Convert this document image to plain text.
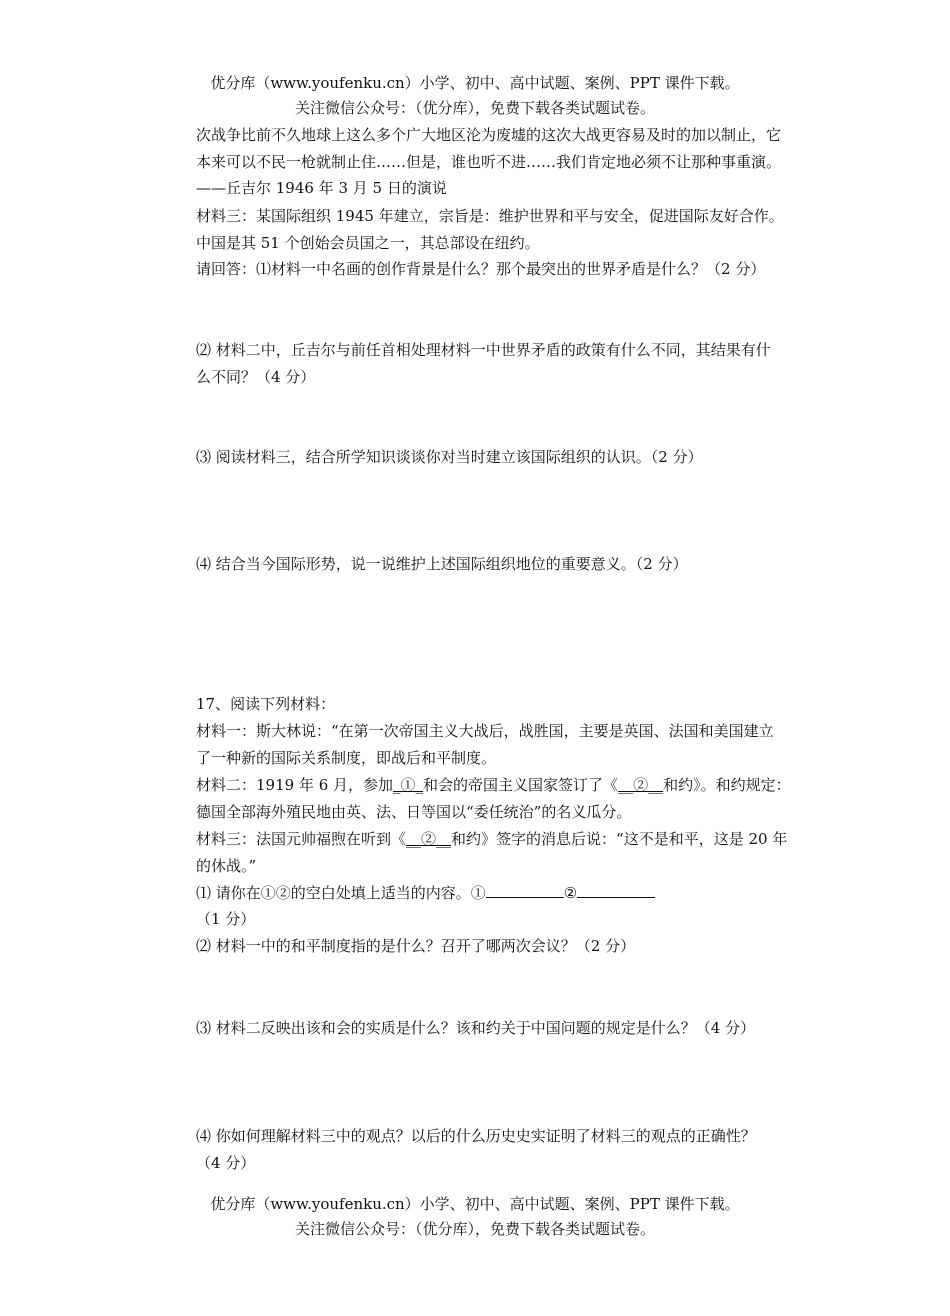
优分库（www.youfenku.cn）小学、初中、高中试题、案例、PPT 课件下载。
关注微信公众号：（优分库），免费下载各类试题试卷。
次战争比前不久地球上这么多个广大地区沦为废墟的这次大战更容易及时的加以制止，它
本来可以不民一枪就制止住……但是，谁也听不进……我们肯定地必须不让那种事重演。
——丘吉尔 1946 年 3 月 5 日的演说
材料三：某国际组织 1945 年建立，宗旨是：维护世界和平与安全，促进国际友好合作。
中国是其 51 个创始会员国之一，其总部设在纽约。
请回答：⑴材料一中名画的创作背景是什么？那个最突出的世界矛盾是什么？（2 分）
⑵ 材料二中，丘吉尔与前任首相处理材料一中世界矛盾的政策有什么不同，其结果有什
么不同？（4 分）
⑶ 阅读材料三，结合所学知识谈谈你对当时建立该国际组织的认识。（2 分）
⑷ 结合当今国际形势，说一说维护上述国际组织地位的重要意义。（2 分）
17、阅读下列材料：
材料一：斯大林说：“在第一次帝国主义大战后，战胜国，主要是英国、法国和美国建立
了一种新的国际关系制度，即战后和平制度。
材料二：1919 年 6 月，参加_①_和会的帝国主义国家签订了《__②__和约》。和约规定：
德国全部海外殖民地由英、法、日等国以“委任统治”的名义瓜分。
材料三：法国元帅福煦在听到《__②__和约》签字的消息后说：“这不是和平，这是 20 年
的休战。”
⑴ 请你在①②的空白处填上适当的内容。①	②
（1 分）
⑵ 材料一中的和平制度指的是什么？召开了哪两次会议？（2 分）
⑶ 材料二反映出该和会的实质是什么？该和约关于中国问题的规定是什么？（4 分）
⑷ 你如何理解材料三中的观点？以后的什么历史史实证明了材料三的观点的正确性？
（4 分）
优分库（www.youfenku.cn）小学、初中、高中试题、案例、PPT 课件下载。
关注微信公众号：（优分库），免费下载各类试题试卷。
